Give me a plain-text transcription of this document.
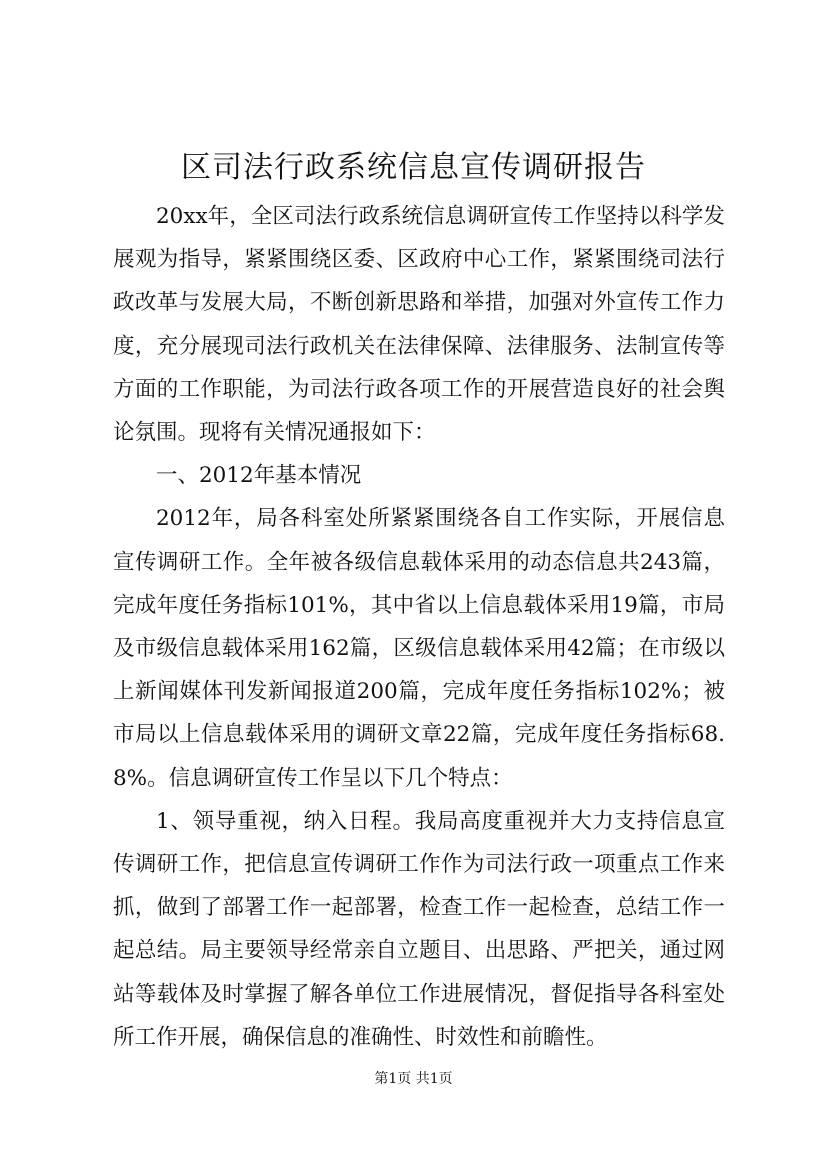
区司法行政系统信息宣传调研报告

20xx年，全区司法行政系统信息调研宣传工作坚持以科学发展观为指导，紧紧围绕区委、区政府中心工作，紧紧围绕司法行政改革与发展大局，不断创新思路和举措，加强对外宣传工作力度，充分展现司法行政机关在法律保障、法律服务、法制宣传等方面的工作职能，为司法行政各项工作的开展营造良好的社会舆论氛围。现将有关情况通报如下：

一、2012年基本情况

2012年，局各科室处所紧紧围绕各自工作实际，开展信息宣传调研工作。全年被各级信息载体采用的动态信息共243篇，完成年度任务指标101%，其中省以上信息载体采用19篇，市局及市级信息载体采用162篇，区级信息载体采用42篇；在市级以上新闻媒体刊发新闻报道200篇，完成年度任务指标102%；被市局以上信息载体采用的调研文章22篇，完成年度任务指标68.8%。信息调研宣传工作呈以下几个特点：

1、领导重视，纳入日程。我局高度重视并大力支持信息宣传调研工作，把信息宣传调研工作作为司法行政一项重点工作来抓，做到了部署工作一起部署，检查工作一起检查，总结工作一起总结。局主要领导经常亲自立题目、出思路、严把关，通过网站等载体及时掌握了解各单位工作进展情况，督促指导各科室处所工作开展，确保信息的准确性、时效性和前瞻性。

第1页 共1页
